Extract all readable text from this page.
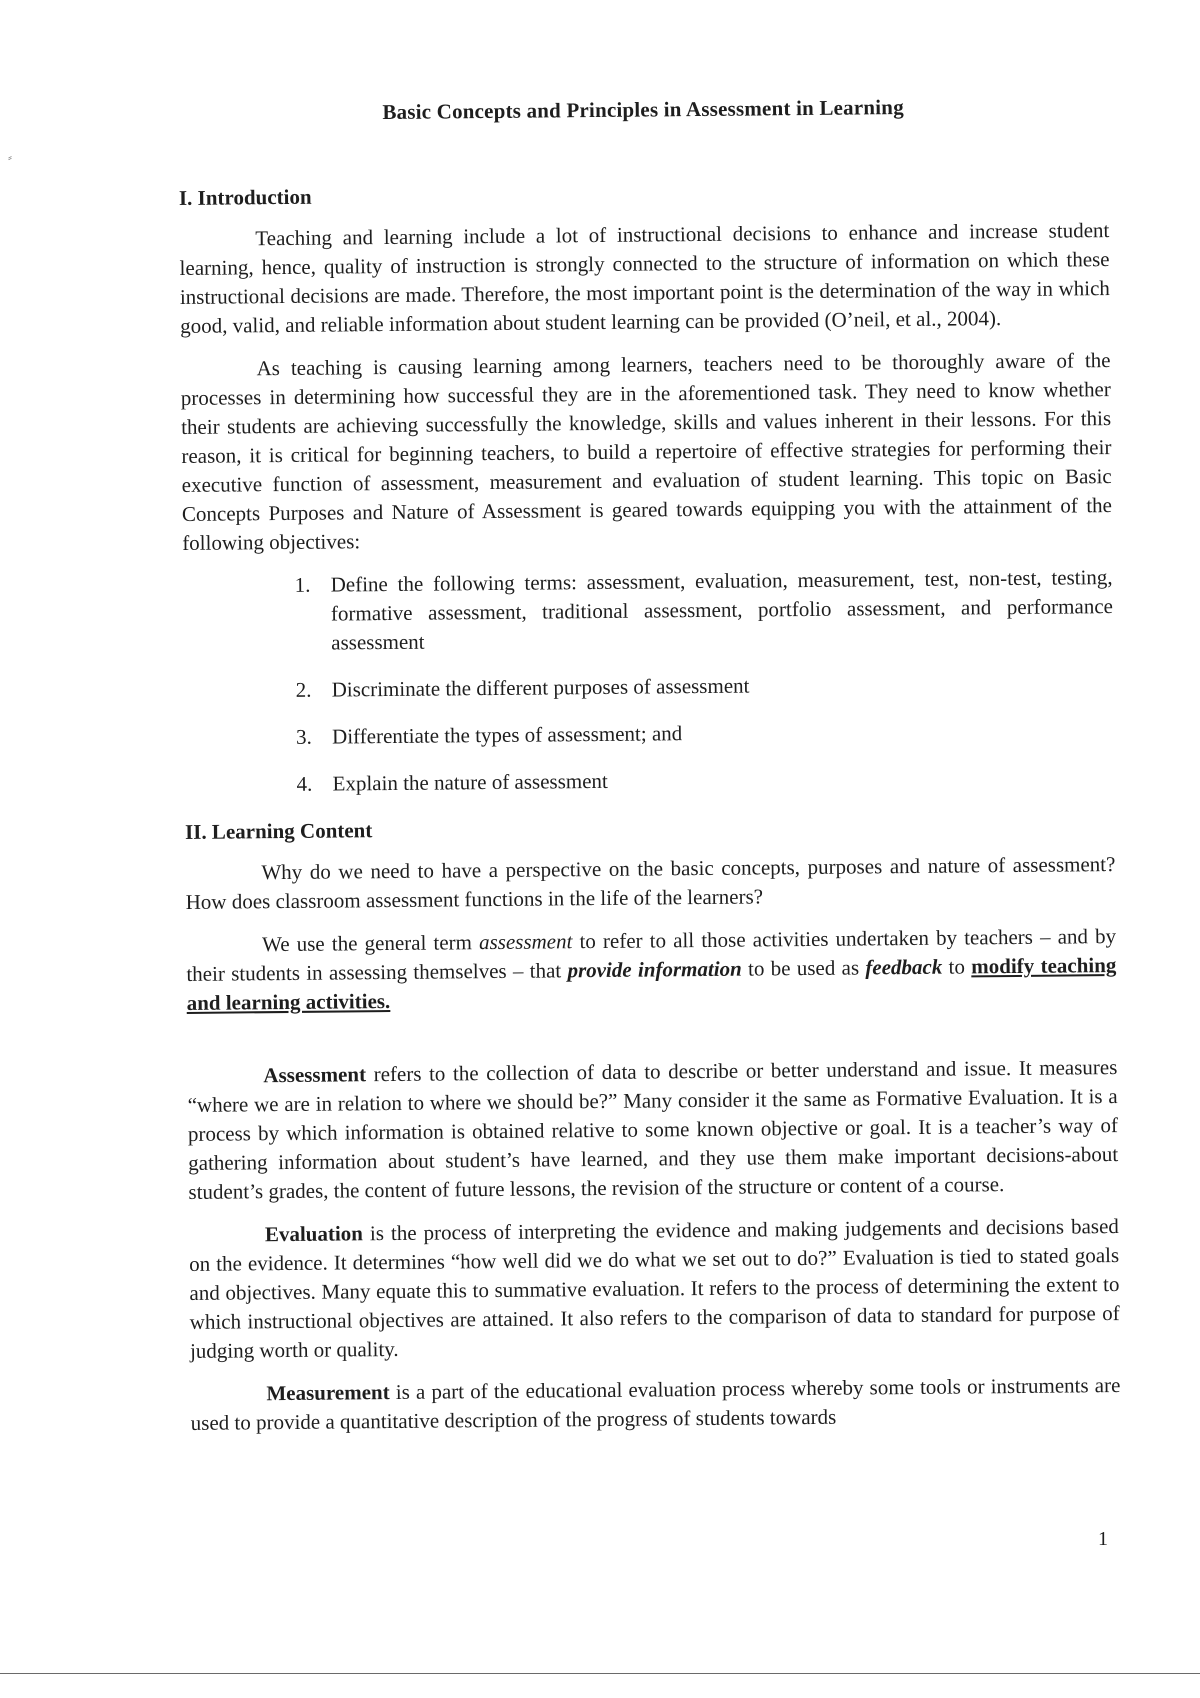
⸗
Basic Concepts and Principles in Assessment in Learning
I. Introduction

Teaching and learning include a lot of instructional decisions to enhance and increase student learning, hence, quality of instruction is strongly connected to the structure of information on which these instructional decisions are made. Therefore, the most important point is the determination of the way in which good, valid, and reliable information about student learning can be provided (O’neil, et al., 2004).

As teaching is causing learning among learners, teachers need to be thoroughly aware of the processes in determining how successful they are in the aforementioned task. They need to know whether their students are achieving successfully the knowledge, skills and values inherent in their lessons. For this reason, it is critical for beginning teachers, to build a repertoire of effective strategies for performing their executive function of assessment, measurement and evaluation of student learning. This topic on Basic Concepts Purposes and Nature of Assessment is geared towards equipping you with the attainment of the following objectives:

1. Define the following terms: assessment, evaluation, measurement, test, non-test, testing, formative assessment, traditional assessment, portfolio assessment, and performance assessment
2. Discriminate the different purposes of assessment
3. Differentiate the types of assessment; and
4. Explain the nature of assessment
II. Learning Content

Why do we need to have a perspective on the basic concepts, purposes and nature of assessment? How does classroom assessment functions in the life of the learners?

We use the general term assessment to refer to all those activities undertaken by teachers – and by their students in assessing themselves – that provide information to be used as feedback to modify teaching and learning activities.

Assessment refers to the collection of data to describe or better understand and issue. It measures “where we are in relation to where we should be?” Many consider it the same as Formative Evaluation. It is a process by which information is obtained relative to some known objective or goal. It is a teacher’s way of gathering information about student’s have learned, and they use them make important decisions-about student’s grades, the content of future lessons, the revision of the structure or content of a course.

Evaluation is the process of interpreting the evidence and making judgements and decisions based on the evidence. It determines “how well did we do what we set out to do?” Evaluation is tied to stated goals and objectives. Many equate this to summative evaluation. It refers to the process of determining the extent to which instructional objectives are attained. It also refers to the comparison of data to standard for purpose of judging worth or quality.

Measurement is a part of the educational evaluation process whereby some tools or instruments are used to provide a quantitative description of the progress of students towards

1
